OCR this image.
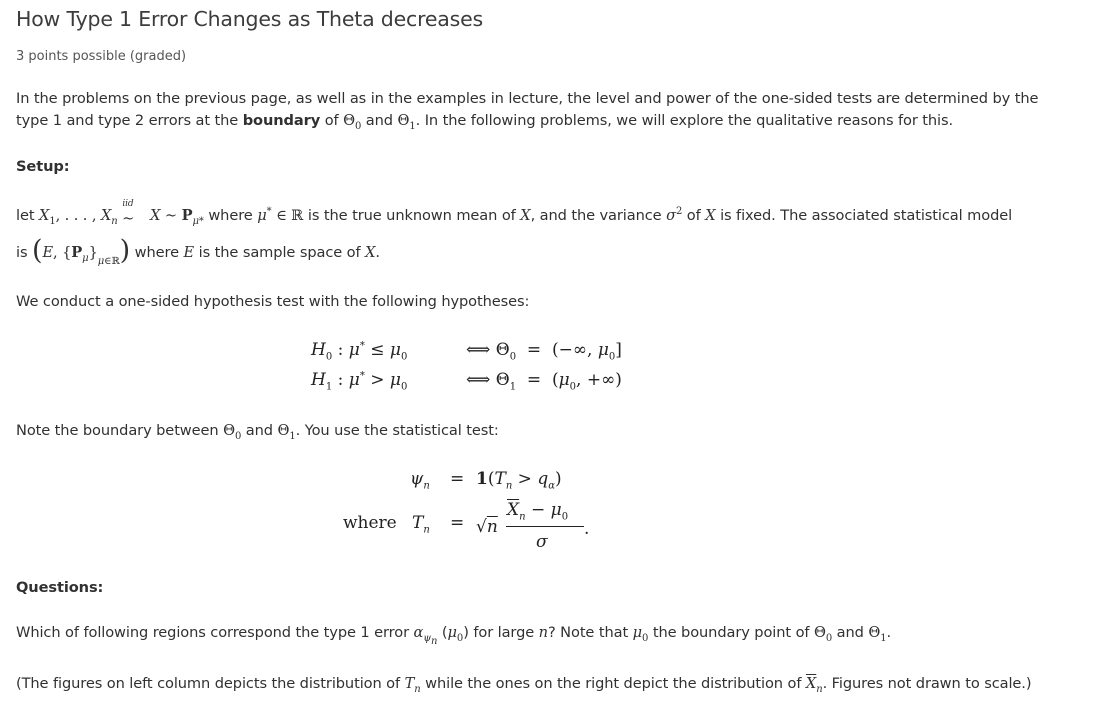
How Type 1 Error Changes as Theta decreases
3 points possible (graded)
In the problems on the previous page, as well as in the examples in lecture, the level and power of the one-sided tests are determined by the
type 1 and type 2 errors at the boundary of $\Theta_0$ and $\Theta_1$. In the following problems, we will explore the qualitative reasons for this.
Setup:
let $X_1$, . . . , $X_n$ ∼$^{iid}$ X ∼ $P_{\mu*}$ where μ* ∈ ℝ is the true unknown mean of X, and the variance $\sigma^2$ of X is fixed. The associated statistical model
is (E, $\{P_\mu\}_{\mu\in ℝ}$) where E is the sample space of X.
We conduct a one-sided hypothesis test with the following hypotheses:
$H_0$ : $\mu^* \le \mu_0$	⟺ $\Theta_0$  =  (−∞, $\mu_0$]
$H_1$ : $\mu^* > \mu_0$	⟺ $\Theta_1 = (\mu_0$, +∞)
Note the boundary between $\Theta_0$ and $\Theta_1$. You use the statistical test:
$\psi_n = 1(T_n > q_\alpha)$
where $T_n = √n$
$\overline{X}_n - \mu_0$
σ
.
Questions:
Which of following regions correspond the type 1 error $\alpha_{\psi_n}$ $(\mu_0)$ for large n? Note that $\mu_0$ the boundary point of $\Theta_0$ and $\Theta_1$.
(The figures on left column depicts the distribution of $T_n$ while the ones on the right depict the distribution of $\overline{X}_n$. Figures not drawn to scale.)
